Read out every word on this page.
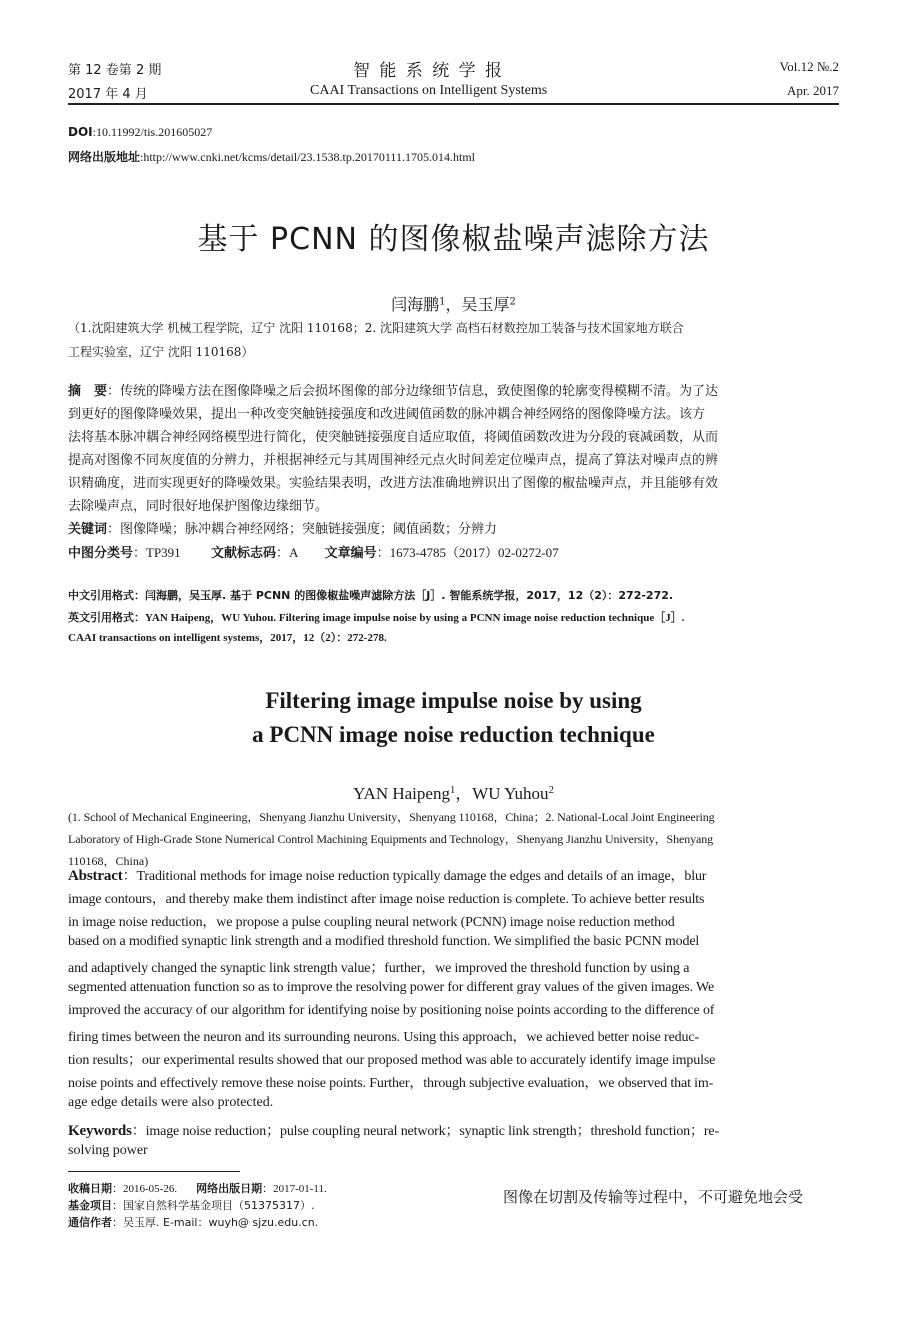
第 12 卷第 2 期
2017 年 4 月
智 能 系 统 学 报
CAAI Transactions on Intelligent Systems
Vol.12 №.2
Apr. 2017
DOI:10.11992/tis.201605027
网络出版地址:http://www.cnki.net/kcms/detail/23.1538.tp.20170111.1705.014.html
基于 PCNN 的图像椒盐噪声滤除方法
闫海鹏$^1$，吴玉厚$^2$
（1.沈阳建筑大学 机械工程学院，辽宁 沈阳 110168；2. 沈阳建筑大学 高档石材数控加工装备与技术国家地方联合
工程实验室，辽宁 沈阳 110168）
摘　要：传统的降噪方法在图像降噪之后会损坏图像的部分边缘细节信息，致使图像的轮廓变得模糊不清。为了达
到更好的图像降噪效果，提出一种改变突触链接强度和改进阈值函数的脉冲耦合神经网络的图像降噪方法。该方
法将基本脉冲耦合神经网络模型进行简化，使突触链接强度自适应取值，将阈值函数改进为分段的衰减函数，从而
提高对图像不同灰度值的分辨力，并根据神经元与其周围神经元点火时间差定位噪声点，提高了算法对噪声点的辨
识精确度，进而实现更好的降噪效果。实验结果表明，改进方法准确地辨识出了图像的椒盐噪声点，并且能够有效
去除噪声点，同时很好地保护图像边缘细节。
关键词：图像降噪；脉冲耦合神经网络；突触链接强度；阈值函数；分辨力
中图分类号：TP391 文献标志码：A 文章编号：1673-4785（2017）02-0272-07
中文引用格式：闫海鹏，吴玉厚. 基于 PCNN 的图像椒盐噪声滤除方法［J］. 智能系统学报，2017，12（2）：272-272.
英文引用格式：YAN Haipeng，WU Yuhou. Filtering image impulse noise by using a PCNN image noise reduction technique［J］.
CAAI transactions on intelligent systems，2017，12（2）：272-278.
Filtering image impulse noise by using
a PCNN image noise reduction technique
YAN Haipeng$^1$，WU Yuhou$^2$
(1. School of Mechanical Engineering，Shenyang Jianzhu University，Shenyang 110168，China；2. National-Local Joint Engineering
Laboratory of High-Grade Stone Numerical Control Machining Equipments and Technology，Shenyang Jianzhu University，Shenyang
110168，China)
Abstract：Traditional methods for image noise reduction typically damage the edges and details of an image，blur
image contours，and thereby make them indistinct after image noise reduction is complete. To achieve better results
in image noise reduction，we propose a pulse coupling neural network (PCNN) image noise reduction method
based on a modified synaptic link strength and a modified threshold function. We simplified the basic PCNN model
and adaptively changed the synaptic link strength value；further，we improved the threshold function by using a
segmented attenuation function so as to improve the resolving power for different gray values of the given images. We
improved the accuracy of our algorithm for identifying noise by positioning noise points according to the difference of
firing times between the neuron and its surrounding neurons. Using this approach，we achieved better noise reduc-
tion results；our experimental results showed that our proposed method was able to accurately identify image impulse
noise points and effectively remove these noise points. Further，through subjective evaluation，we observed that im-
age edge details were also protected.
Keywords：image noise reduction；pulse coupling neural network；synaptic link strength；threshold function；re-
solving power
收稿日期：2016-05-26. 网络出版日期：2017-01-11.
基金项目：国家自然科学基金项目（51375317）.
通信作者：吴玉厚. E-mail：wuyh@ sjzu.edu.cn.
图像在切割及传输等过程中，不可避免地会受
